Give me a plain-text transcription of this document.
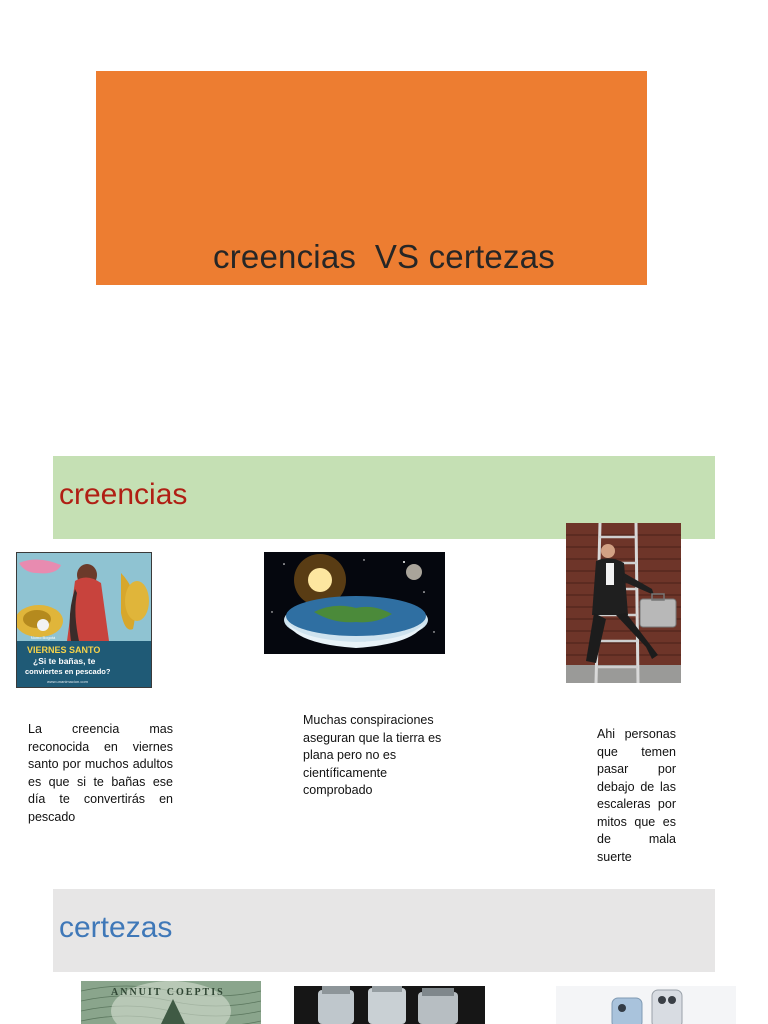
creencias  VS certezas
creencias
Nomo Bogotá
VIERNES SANTO
¿Si te bañas, te
conviertes en pescado?
www.unanimacion.com
La creencia mas reconocida en viernes santo por muchos adultos es que si te bañas ese día te convertirás en pescado
Muchas conspiraciones aseguran que la tierra es plana pero no es científicamente comprobado
Ahi personas que temen pasar por debajo de las escaleras por mitos que es de mala suerte
certezas
ANNUIT COEPTIS
